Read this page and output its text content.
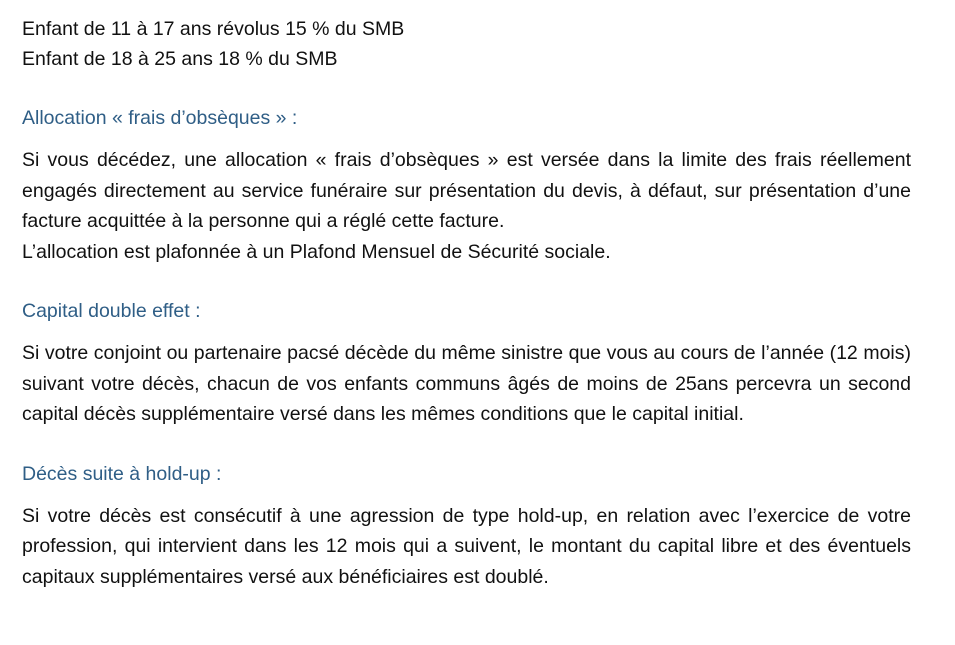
Enfant de 11 à 17 ans révolus 15 % du SMB

Enfant de 18 à 25 ans 18 % du SMB

Allocation « frais d’obsèques » :

Si vous décédez, une allocation « frais d’obsèques » est versée dans la limite des frais réellement engagés directement au service funéraire sur présentation du devis, à défaut, sur présentation d’une facture acquittée à la personne qui a réglé cette facture.

L’allocation est plafonnée à un Plafond Mensuel de Sécurité sociale.

Capital double effet :

Si votre conjoint ou partenaire pacsé décède du même sinistre que vous au cours de l’année (12 mois) suivant votre décès, chacun de vos enfants communs âgés de moins de 25ans percevra un second capital décès supplémentaire versé dans les mêmes conditions que le capital initial.

Décès suite à hold-up :

Si votre décès est consécutif à une agression de type hold-up, en relation avec l’exercice de votre profession, qui intervient dans les 12 mois qui a suivent, le montant du capital libre et des éventuels capitaux supplémentaires versé aux bénéficiaires est doublé.
